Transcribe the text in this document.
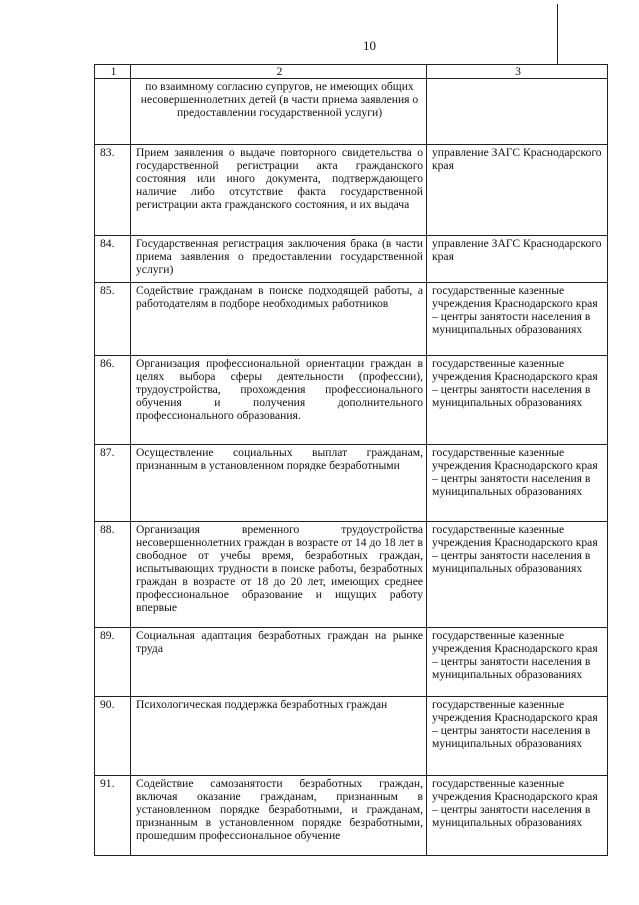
10
1	2	3
	по взаимному согласию супругов, не имеющих общих несовершеннолетних детей (в части приема заявления о предоставлении государственной услуги)	
83.	Прием заявления о выдаче повторного свидетельства о государственной регистрации акта гражданского состояния или иного документа, подтверждающего наличие либо отсутствие факта государственной регистрации акта гражданского состояния, и их выдача	управление ЗАГС Краснодарского края
84.	Государственная регистрация заключения брака (в части приема заявления о предоставлении государственной услуги)	управление ЗАГС Краснодарского края
85.	Содействие гражданам в поиске подходящей работы, а работодателям в подборе необходимых работников	государственные казенные учреждения Краснодарского края – центры занятости населения в муниципальных образованиях
86.	Организация профессиональной ориентации граждан в целях выбора сферы деятельности (профессии), трудоустройства, прохождения профессионального обучения и получения дополнительного профессионального образования.	государственные казенные учреждения Краснодарского края – центры занятости населения в муниципальных образованиях
87.	Осуществление социальных выплат гражданам, признанным в установленном порядке безработными	государственные казенные учреждения Краснодарского края – центры занятости населения в муниципальных образованиях
88.	Организация временного трудоустройства несовершеннолетних граждан в возрасте от 14 до 18 лет в свободное от учебы время, безработных граждан, испытывающих трудности в поиске работы, безработных граждан в возрасте от 18 до 20 лет, имеющих среднее профессиональное образование и ищущих работу впервые	государственные казенные учреждения Краснодарского края – центры занятости населения в муниципальных образованиях
89.	Социальная адаптация безработных граждан на рынке труда	государственные казенные учреждения Краснодарского края – центры занятости населения в муниципальных образованиях
90.	Психологическая поддержка безработных граждан	государственные казенные учреждения Краснодарского края – центры занятости населения в муниципальных образованиях
91.	Содействие самозанятости безработных граждан, включая оказание гражданам, признанным в установленном порядке безработными, и гражданам, признанным в установленном порядке безработными, прошедшим профессиональное обучение	государственные казенные учреждения Краснодарского края – центры занятости населения в муниципальных образованиях
